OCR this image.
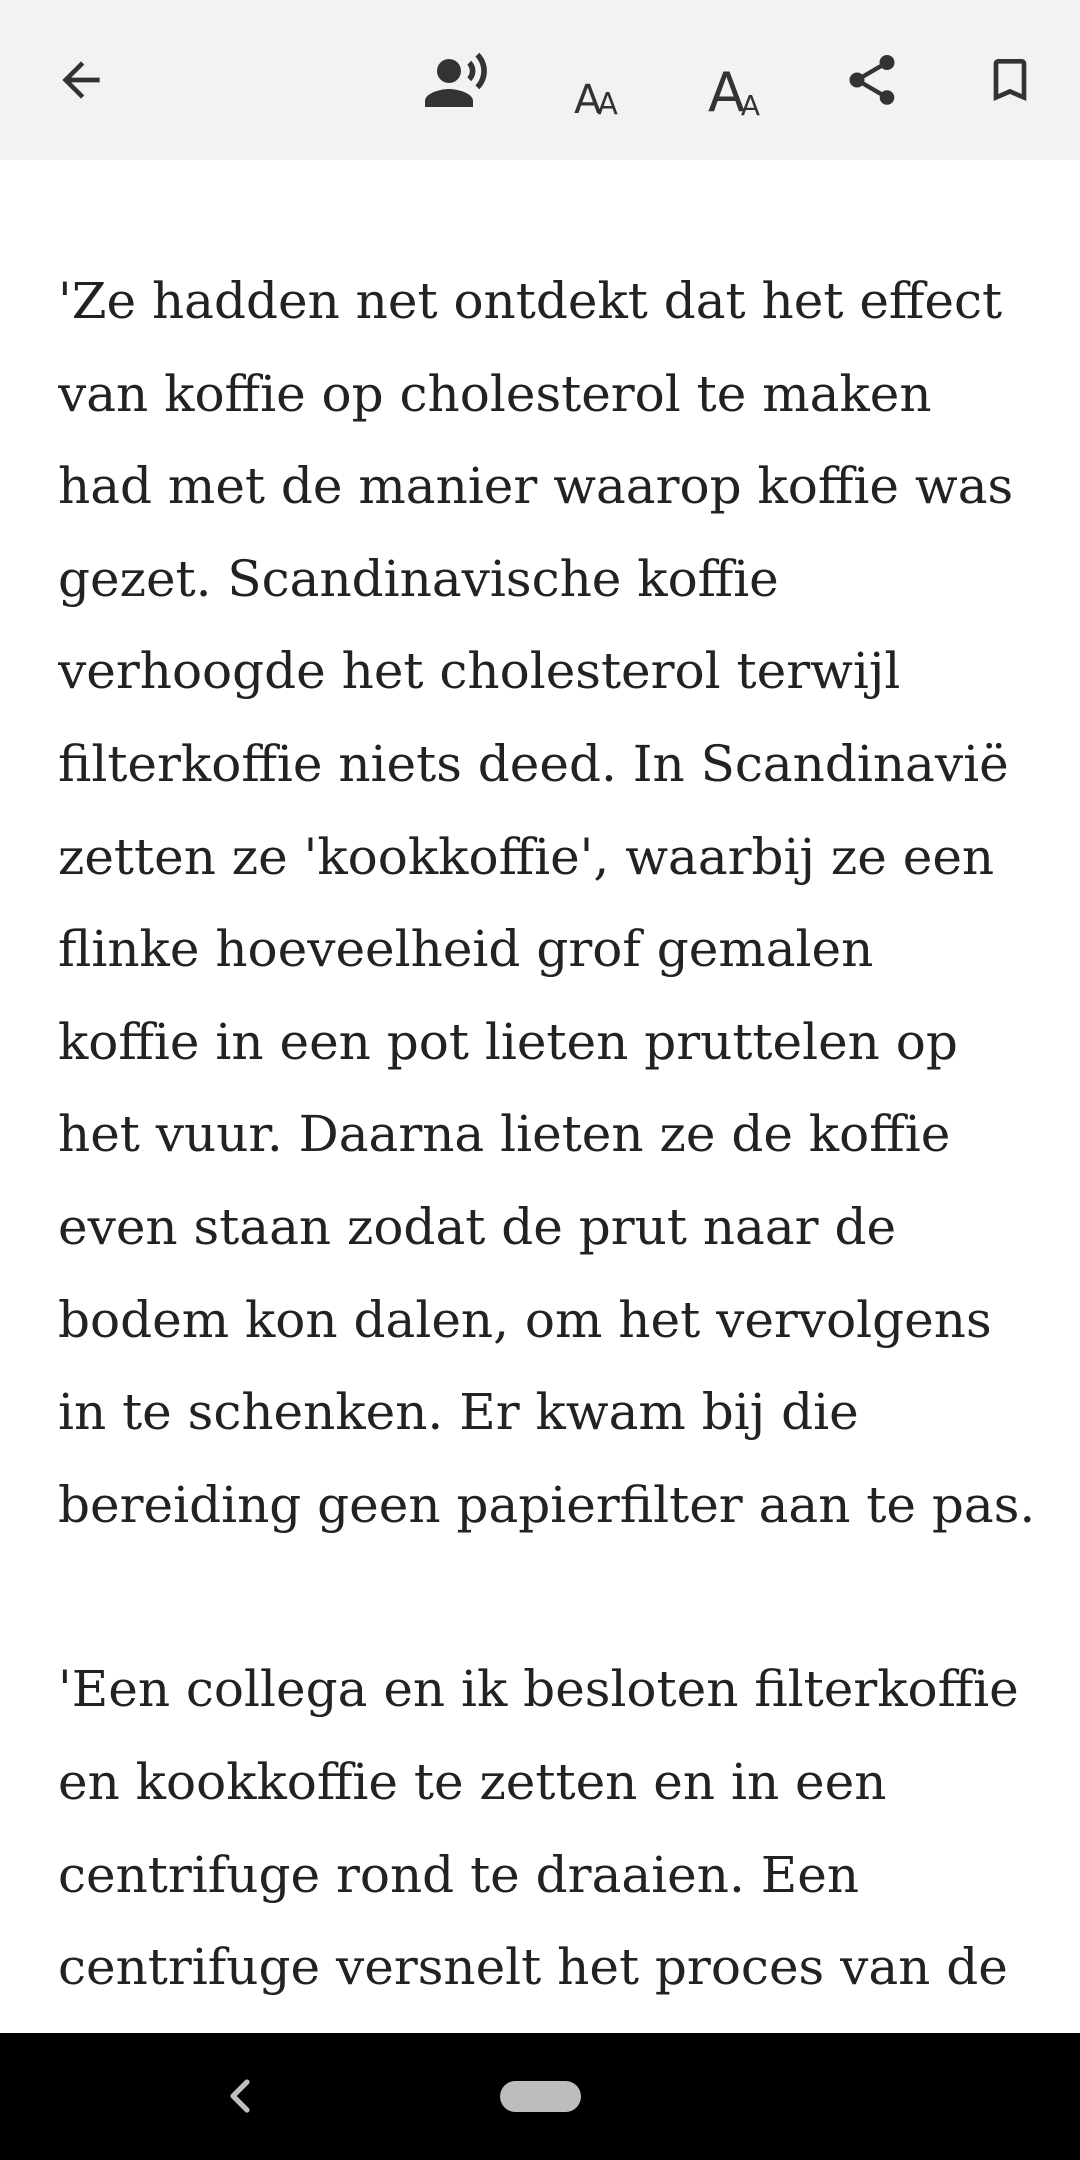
A
A A
A

'Ze hadden net ontdekt dat het effect
van koffie op cholesterol te maken
had met de manier waarop koffie was
gezet. Scandinavische koffie
verhoogde het cholesterol terwijl
filterkoffie niets deed. In Scandinavië
zetten ze 'kookkoffie', waarbij ze een
flinke hoeveelheid grof gemalen
koffie in een pot lieten pruttelen op
het vuur. Daarna lieten ze de koffie
even staan zodat de prut naar de
bodem kon dalen, om het vervolgens
in te schenken. Er kwam bij die
bereiding geen papierfilter aan te pas.

'Een collega en ik besloten filterkoffie
en kookkoffie te zetten en in een
centrifuge rond te draaien. Een
centrifuge versnelt het proces van de
